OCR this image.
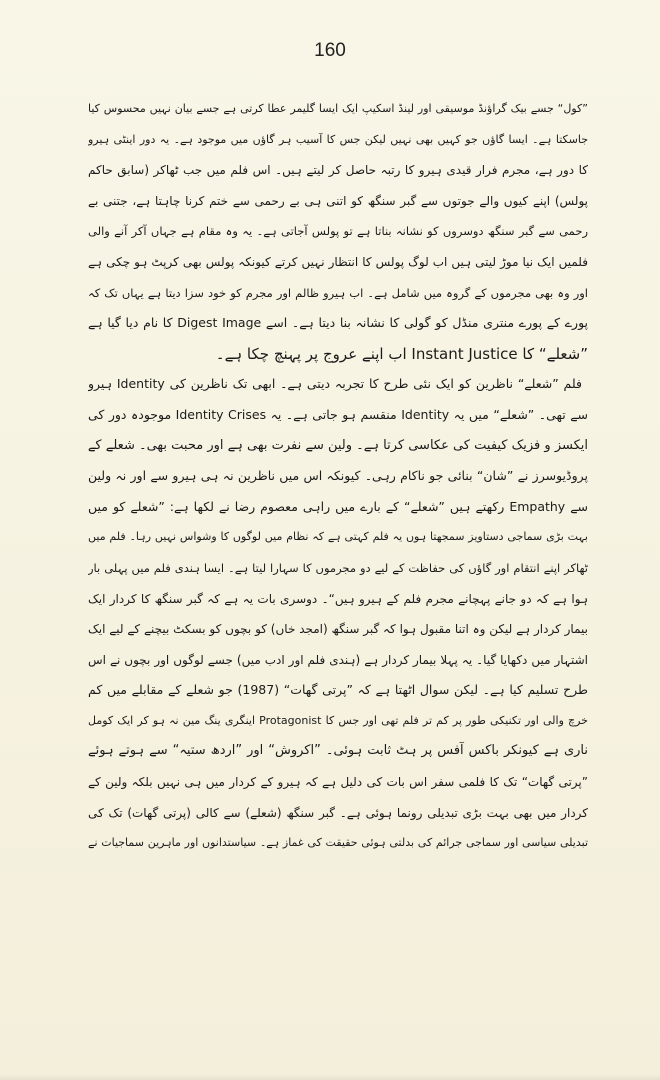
160
”کول“ جسے بیک گراؤنڈ موسیقی اور لینڈ اسکیپ ایک ایسا گلیمر عطا کرتی ہے جسے بیان نہیں محسوس کیا
جاسکتا ہے۔ ایسا گاؤں جو کہیں بھی نہیں لیکن جس کا آسیب ہر گاؤں میں موجود ہے۔ یہ دور اینٹی ہیرو
کا دور ہے، مجرم فرار قیدی ہیرو کا رتبہ حاصل کر لیتے ہیں۔ اس فلم میں جب ٹھاکر (سابق حاکم
پولس) اپنے کیوں والے جوتوں سے گبر سنگھ کو اتنی ہی بے رحمی سے ختم کرنا چاہتا ہے، جتنی بے
رحمی سے گبر سنگھ دوسروں کو نشانہ بناتا ہے تو پولس آجاتی ہے۔ یہ وہ مقام ہے جہاں آکر آنے والی
فلمیں ایک نیا موڑ لیتی ہیں اب لوگ پولس کا انتظار نہیں کرتے کیونکہ پولس بھی کرپٹ ہو چکی ہے
اور وہ بھی مجرموں کے گروہ میں شامل ہے۔ اب ہیرو ظالم اور مجرم کو خود سزا دیتا ہے یہاں تک کہ
پورے کے پورے منتری منڈل کو گولی کا نشانہ بنا دیتا ہے۔ اسے Digest Image کا نام دیا گیا ہے
”شعلے“ کا Instant Justice اب اپنے عروج پر پہنچ چکا ہے۔
فلم ”شعلے“ ناظرین کو ایک نئی طرح کا تجربہ دیتی ہے۔ ابھی تک ناظرین کی Identity ہیرو
سے تھی۔ ”شعلے“ میں یہ Identity منقسم ہو جاتی ہے۔ یہ Identity Crises موجودہ دور کی
ایکسز و فزیک کیفیت کی عکاسی کرتا ہے۔ ولین سے نفرت بھی ہے اور محبت بھی۔ شعلے کے
پروڈیوسرز نے ”شان“ بنائی جو ناکام رہی۔ کیونکہ اس میں ناظرین نہ ہی ہیرو سے اور نہ ولین
سے Empathy رکھتے ہیں ”شعلے“ کے بارے میں راہی معصوم رضا نے لکھا ہے: ”شعلے کو میں
بہت بڑی سماجی دستاویز سمجھتا ہوں یہ فلم کہتی ہے کہ نظام میں لوگوں کا وشواس نہیں رہا۔ فلم میں
ٹھاکر اپنے انتقام اور گاؤں کی حفاظت کے لیے دو مجرموں کا سہارا لیتا ہے۔ ایسا ہندی فلم میں پہلی بار
ہوا ہے کہ دو جانے پہچانے مجرم فلم کے ہیرو ہیں“۔ دوسری بات یہ ہے کہ گبر سنگھ کا کردار ایک
بیمار کردار ہے لیکن وہ اتنا مقبول ہوا کہ گبر سنگھ (امجد خاں) کو بچوں کو بسکٹ بیچنے کے لیے ایک
اشتہار میں دکھایا گیا۔ یہ پہلا بیمار کردار ہے (ہندی فلم اور ادب میں) جسے لوگوں اور بچوں نے اس
طرح تسلیم کیا ہے۔ لیکن سوال اٹھتا ہے کہ ”پرتی گھات“ (1987) جو شعلے کے مقابلے میں کم
خرچ والی اور تکنیکی طور پر کم تر فلم تھی اور جس کا Protagonist اینگری ینگ مین نہ ہو کر ایک کومل
ناری ہے کیونکر باکس آفس پر ہٹ ثابت ہوئی۔ ”اکروش“ اور ”اردھ ستیہ“ سے ہوتے ہوئے
”پرتی گھات“ تک کا فلمی سفر اس بات کی دلیل ہے کہ ہیرو کے کردار میں ہی نہیں بلکہ ولین کے
کردار میں بھی بہت بڑی تبدیلی رونما ہوئی ہے۔ گبر سنگھ (شعلے) سے کالی (پرتی گھات) تک کی
تبدیلی سیاسی اور سماجی جرائم کی بدلتی ہوئی حقیقت کی غماز ہے۔ سیاستدانوں اور ماہرین سماجیات نے
